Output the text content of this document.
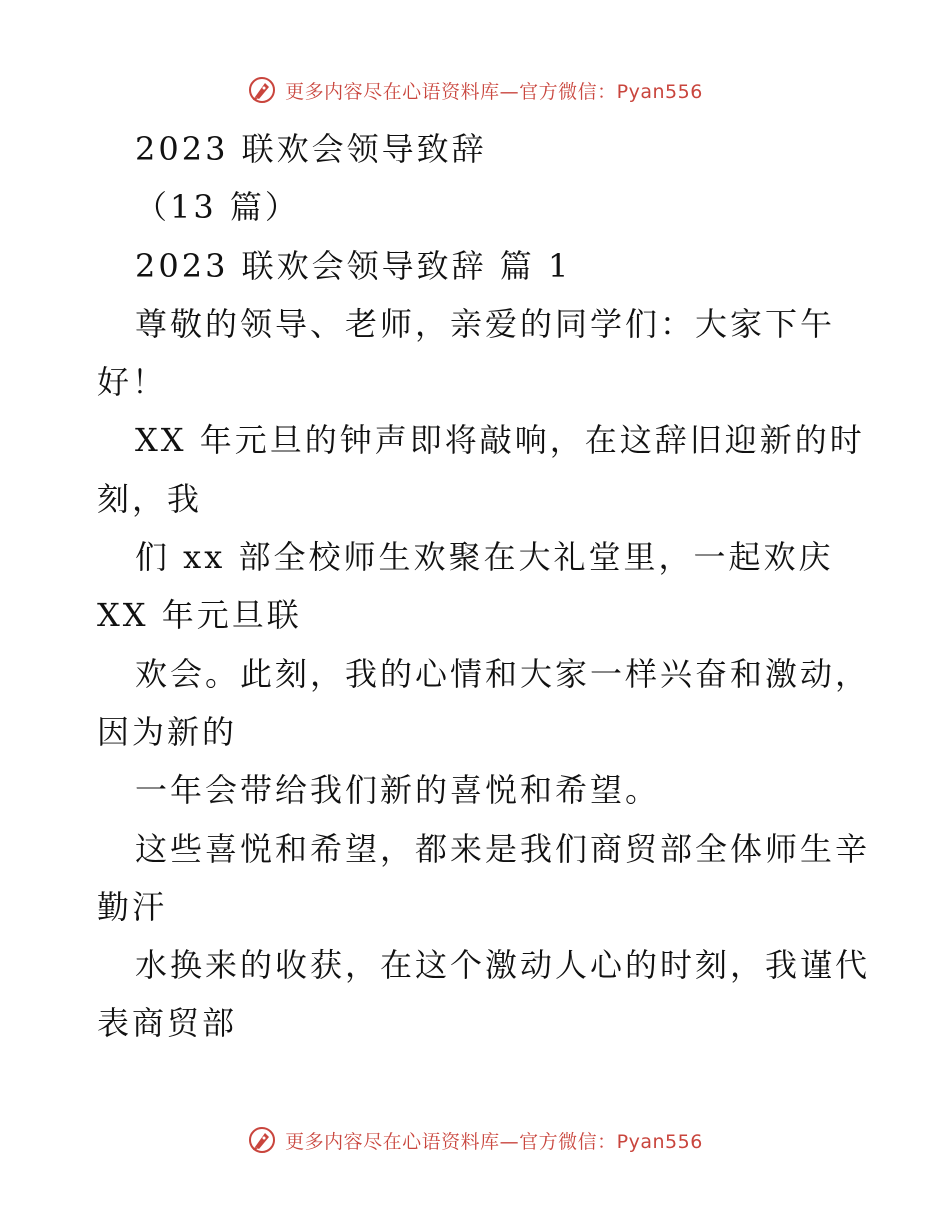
更多内容尽在心语资料库—官方微信：Pyan556
2023 联欢会领导致辞
（13 篇）
2023 联欢会领导致辞 篇 1
尊敬的领导、老师，亲爱的同学们：大家下午
好！
XX 年元旦的钟声即将敲响，在这辞旧迎新的时
刻，我
们 xx 部全校师生欢聚在大礼堂里，一起欢庆
XX 年元旦联
欢会。此刻，我的心情和大家一样兴奋和激动，
因为新的
一年会带给我们新的喜悦和希望。
这些喜悦和希望，都来是我们商贸部全体师生辛
勤汗
水换来的收获，在这个激动人心的时刻，我谨代
表商贸部
更多内容尽在心语资料库—官方微信：Pyan556
